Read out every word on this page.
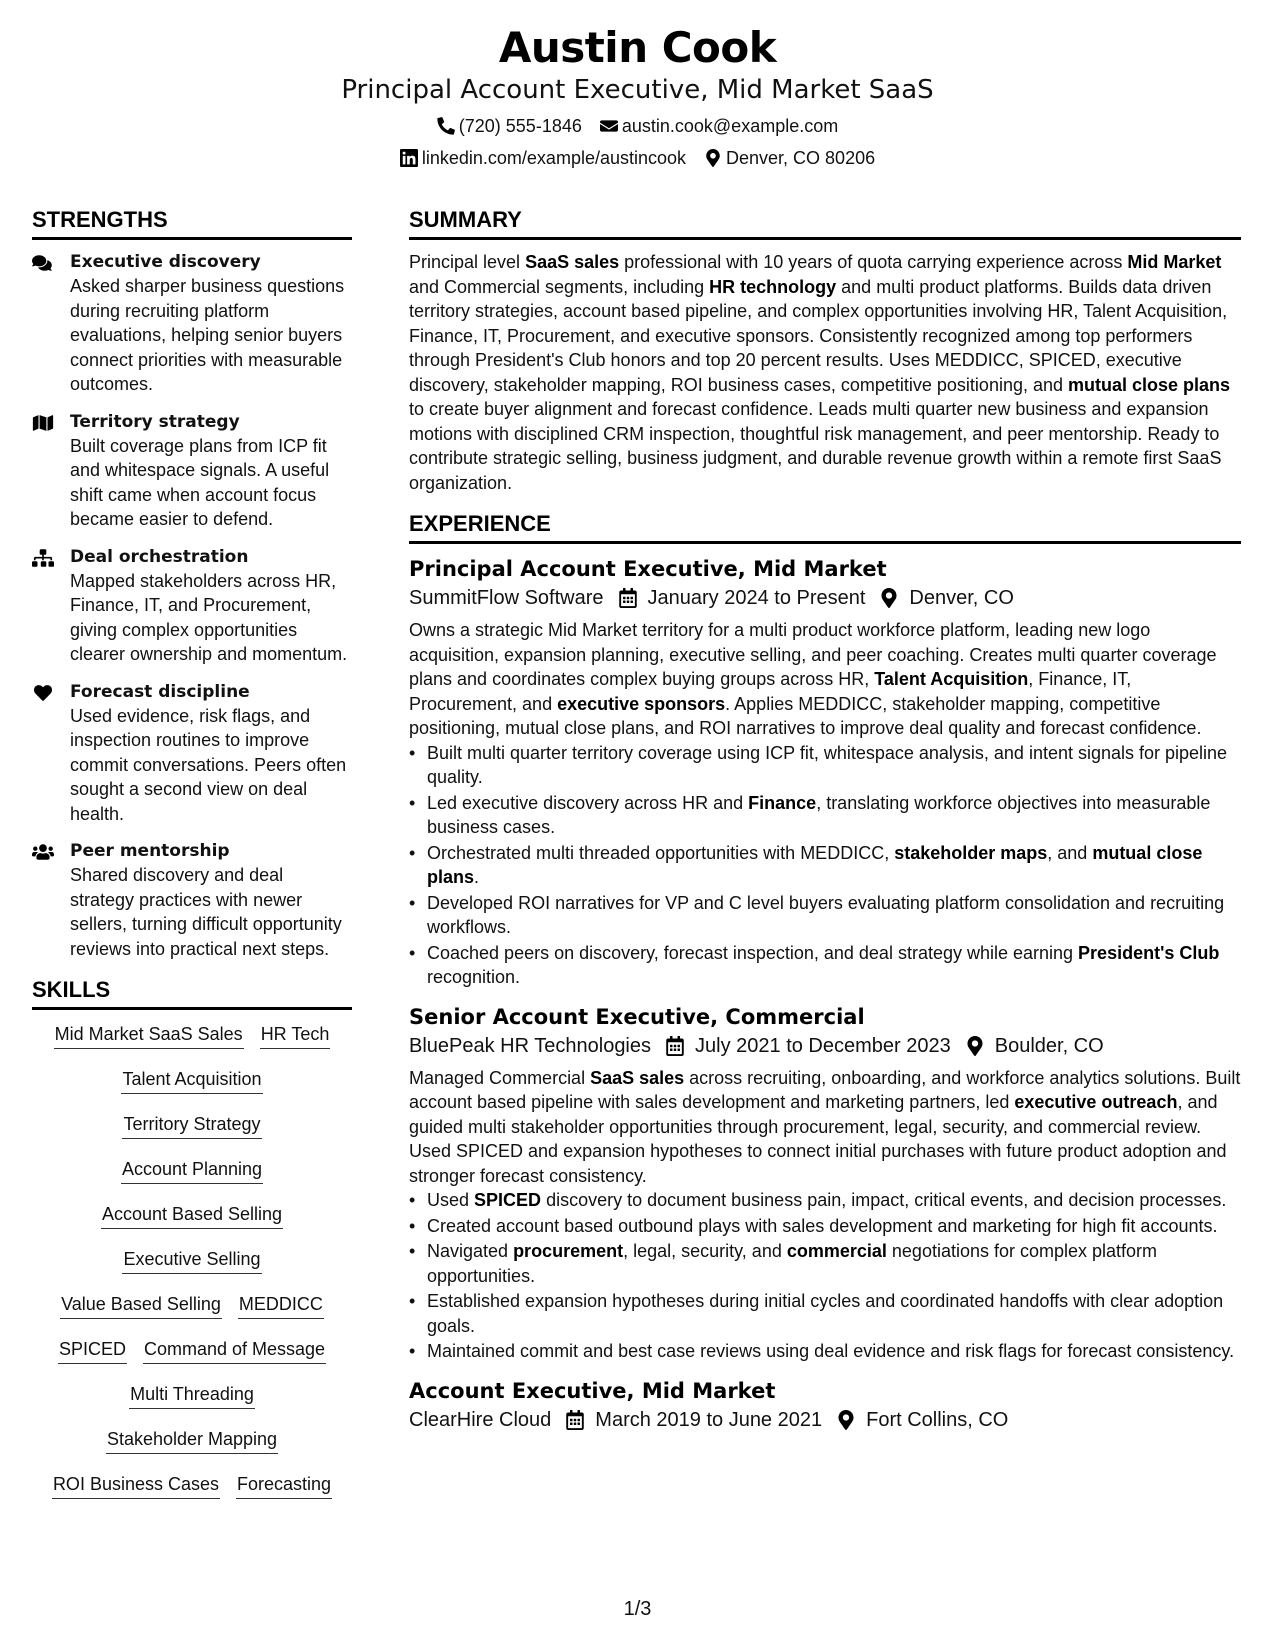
Austin Cook
Principal Account Executive, Mid Market SaaS
(720) 555-1846 austin.cook@example.com
linkedin.com/example/austincook Denver, CO 80206
STRENGTHS
Executive discovery
Asked sharper business questions during recruiting platform evaluations, helping senior buyers connect priorities with measurable outcomes.
Territory strategy
Built coverage plans from ICP fit and whitespace signals. A useful shift came when account focus became easier to defend.
Deal orchestration
Mapped stakeholders across HR, Finance, IT, and Procurement, giving complex opportunities clearer ownership and momentum.
Forecast discipline
Used evidence, risk flags, and inspection routines to improve commit conversations. Peers often sought a second view on deal health.
Peer mentorship
Shared discovery and deal strategy practices with newer sellers, turning difficult opportunity reviews into practical next steps.
SKILLS
Mid Market SaaS Sales HR Tech
Talent Acquisition
Territory Strategy
Account Planning
Account Based Selling
Executive Selling
Value Based Selling MEDDICC
SPICED Command of Message
Multi Threading
Stakeholder Mapping
ROI Business Cases Forecasting
SUMMARY
Principal level SaaS sales professional with 10 years of quota carrying experience across Mid Market and Commercial segments, including HR technology and multi product platforms. Builds data driven territory strategies, account based pipeline, and complex opportunities involving HR, Talent Acquisition, Finance, IT, Procurement, and executive sponsors. Consistently recognized among top performers through President's Club honors and top 20 percent results. Uses MEDDICC, SPICED, executive discovery, stakeholder mapping, ROI business cases, competitive positioning, and mutual close plans to create buyer alignment and forecast confidence. Leads multi quarter new business and expansion motions with disciplined CRM inspection, thoughtful risk management, and peer mentorship. Ready to contribute strategic selling, business judgment, and durable revenue growth within a remote first SaaS organization.
EXPERIENCE
Principal Account Executive, Mid Market
SummitFlow Software January 2024 to Present Denver, CO
Owns a strategic Mid Market territory for a multi product workforce platform, leading new logo acquisition, expansion planning, executive selling, and peer coaching. Creates multi quarter coverage plans and coordinates complex buying groups across HR, Talent Acquisition, Finance, IT, Procurement, and executive sponsors. Applies MEDDICC, stakeholder mapping, competitive positioning, mutual close plans, and ROI narratives to improve deal quality and forecast confidence.
• Built multi quarter territory coverage using ICP fit, whitespace analysis, and intent signals for pipeline quality.
• Led executive discovery across HR and Finance, translating workforce objectives into measurable business cases.
• Orchestrated multi threaded opportunities with MEDDICC, stakeholder maps, and mutual close plans.
• Developed ROI narratives for VP and C level buyers evaluating platform consolidation and recruiting workflows.
• Coached peers on discovery, forecast inspection, and deal strategy while earning President's Club recognition.
Senior Account Executive, Commercial
BluePeak HR Technologies July 2021 to December 2023 Boulder, CO
Managed Commercial SaaS sales across recruiting, onboarding, and workforce analytics solutions. Built account based pipeline with sales development and marketing partners, led executive outreach, and guided multi stakeholder opportunities through procurement, legal, security, and commercial review. Used SPICED and expansion hypotheses to connect initial purchases with future product adoption and stronger forecast consistency.
• Used SPICED discovery to document business pain, impact, critical events, and decision processes.
• Created account based outbound plays with sales development and marketing for high fit accounts.
• Navigated procurement, legal, security, and commercial negotiations for complex platform opportunities.
• Established expansion hypotheses during initial cycles and coordinated handoffs with clear adoption goals.
• Maintained commit and best case reviews using deal evidence and risk flags for forecast consistency.
Account Executive, Mid Market
ClearHire Cloud March 2019 to June 2021 Fort Collins, CO
1/3
